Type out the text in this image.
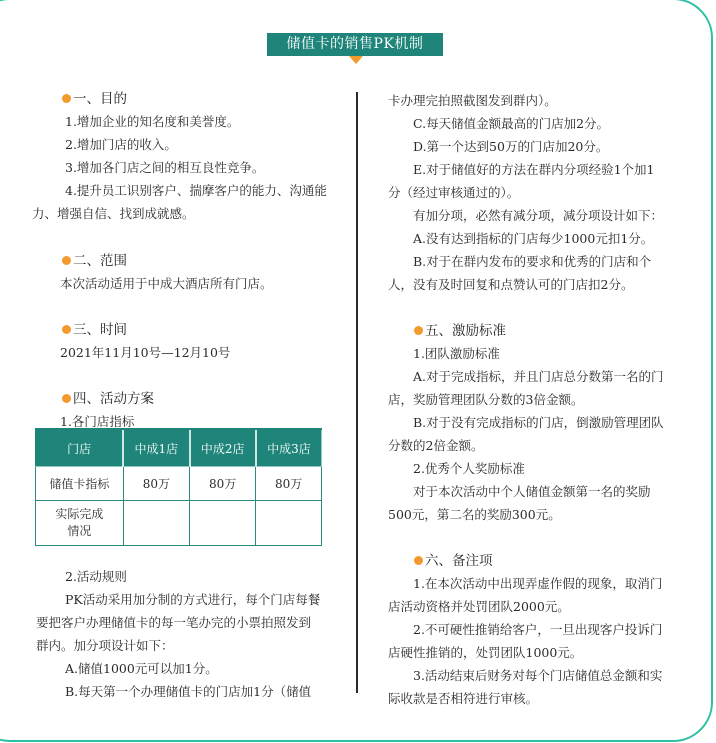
储值卡的销售PK机制
一、目的

1.增加企业的知名度和美誉度。

2.增加门店的收入。

3.增加各门店之间的相互良性竞争。

4.提升员工识别客户、揣摩客户的能力、沟通能

力、增强自信、找到成就感。

二、范围

本次活动适用于中成大酒店所有门店。

三、时间

2021年11月10号—12月10号

四、活动方案

1.各门店指标

门店	中成1店	中成2店	中成3店
储值卡指标	80万	80万	80万
实际完成
情况			

2.活动规则

PK活动采用加分制的方式进行，每个门店每餐

要把客户办理储值卡的每一笔办完的小票拍照发到

群内。加分项设计如下：

A.储值1000元可以加1分。

B.每天第一个办理储值卡的门店加1分（储值

卡办理完拍照截图发到群内）。

C.每天储值金额最高的门店加2分。

D.第一个达到50万的门店加20分。

E.对于储值好的方法在群内分项经验1个加1

分（经过审核通过的）。

有加分项，必然有减分项，减分项设计如下：

A.没有达到指标的门店每少1000元扣1分。

B.对于在群内发布的要求和优秀的门店和个

人，没有及时回复和点赞认可的门店扣2分。

五、激励标准

1.团队激励标准

A.对于完成指标，并且门店总分数第一名的门

店，奖励管理团队分数的3倍金额。

B.对于没有完成指标的门店，倒激励管理团队

分数的2倍金额。

2.优秀个人奖励标准

对于本次活动中个人储值金额第一名的奖励

500元，第二名的奖励300元。

六、备注项

1.在本次活动中出现弄虚作假的现象，取消门

店活动资格并处罚团队2000元。

2.不可硬性推销给客户，一旦出现客户投诉门

店硬性推销的，处罚团队1000元。

3.活动结束后财务对每个门店储值总金额和实

际收款是否相符进行审核。
